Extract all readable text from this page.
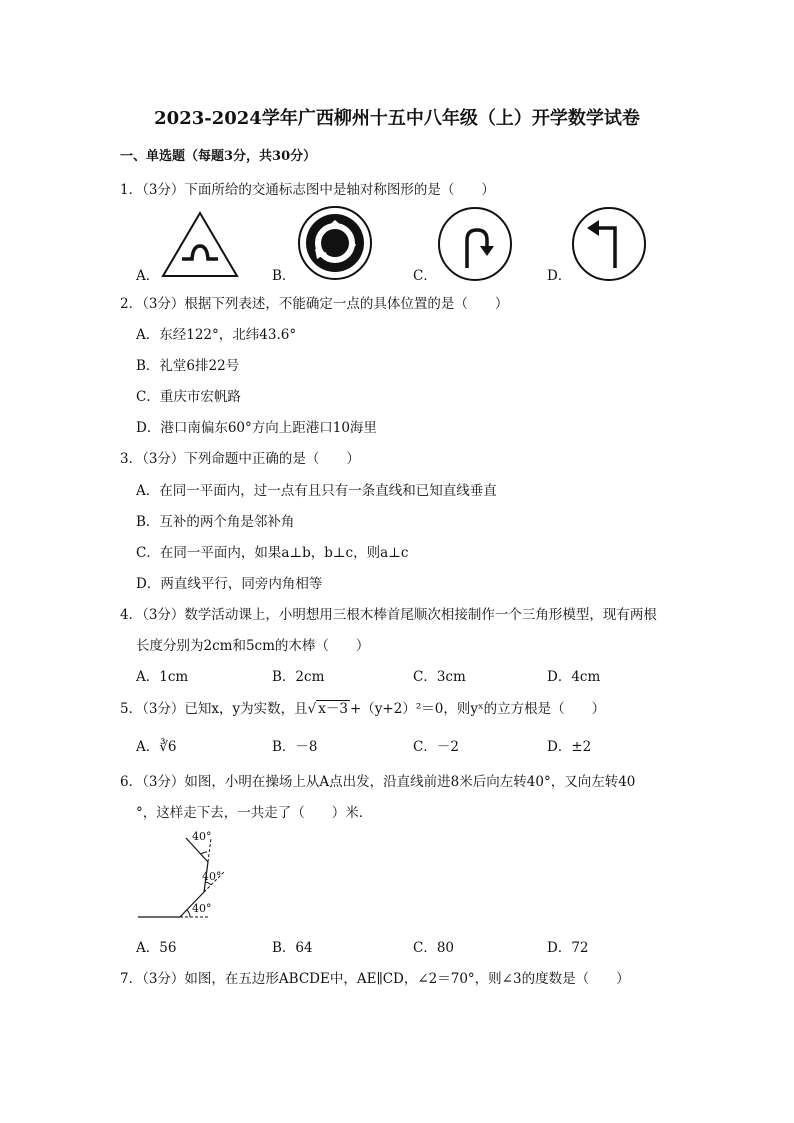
2023-2024学年广西柳州十五中八年级（上）开学数学试卷
一、单选题（每题3分，共30分）
1．（3分）下面所给的交通标志图中是轴对称图形的是（　　）
A．	B．	C．	D．
2．（3分）根据下列表述，不能确定一点的具体位置的是（　　）
A．东经122°，北纬43.6°
B．礼堂6排22号
C．重庆市宏帆路
D．港口南偏东60°方向上距港口10海里
3．（3分）下列命题中正确的是（　　）
A．在同一平面内，过一点有且只有一条直线和已知直线垂直
B．互补的两个角是邻补角
C．在同一平面内，如果a⊥b，b⊥c，则a⊥c
D．两直线平行，同旁内角相等
4．（3分）数学活动课上，小明想用三根木棒首尾顺次相接制作一个三角形模型，现有两根
长度分别为2cm和5cm的木棒（　　）
A．1cm	B．2cm	C．3cm	D．4cm
5．（3分）已知x，y为实数，且√ x－3 +（y+2）²＝0，则yˣ的立方根是（　　）
A．∛6	B．－8	C．－2	D．±2
6．（3分）如图，小明在操场上从A点出发，沿直线前进8米后向左转40°，又向左转40
°，这样走下去，一共走了（　　）米．
40°
40°
40°
A．56	B．64	C．80	D．72
7．（3分）如图，在五边形ABCDE中，AE∥CD，∠2＝70°，则∠3的度数是（　　）
